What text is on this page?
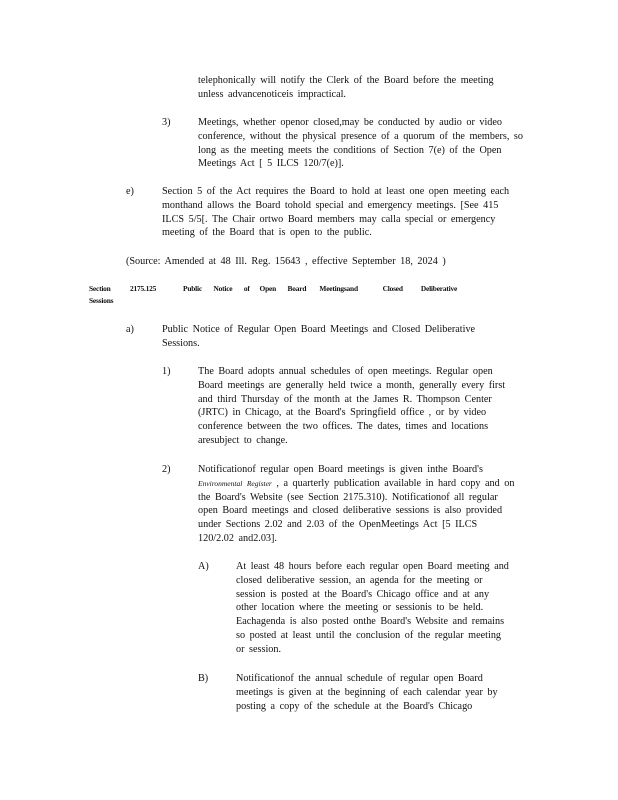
telephonically will notify the Clerk of the Board before the meeting unless advancenoticeis impractical.
3)	Meetings, whether openor closed,may be conducted by audio or video conference, without the physical presence of a quorum of the members, so long as the meeting meets the conditions of Section 7(e) of the Open Meetings Act [ 5 ILCS 120/7(e)].
e)	Section 5 of the Act requires the Board to hold at least one open meeting each monthand allows the Board tohold special and emergency meetings. [See 415 ILCS 5/5[. The Chair ortwo Board members may calla special or emergency meeting of the Board that is open to the public.
(Source: Amended at 48 Ill. Reg. 15643 , effective September 18, 2024 )
Section	2175.125	Public       Notice       of      Open       Board        Meetingsand               Closed           Deliberative
Sessions
a)	Public Notice of Regular Open Board Meetings and Closed Deliberative Sessions.
1)	The Board adopts annual schedules of open meetings. Regular open Board meetings are generally held twice a month, generally every first and third Thursday of the month at the James R. Thompson Center (JRTC) in Chicago, at the Board's Springfield office , or by video conference between the two offices. The dates, times and locations aresubject to change.
2)	Notificationof regular open Board meetings is given inthe Board's Environmental Register , a quarterly publication available in hard copy and on the Board's Website (see Section 2175.310). Notificationof all regular open Board meetings and closed deliberative sessions is also provided under Sections 2.02 and 2.03 of the OpenMeetings Act [5 ILCS 120/2.02 and2.03].
A)	At least 48 hours before each regular open Board meeting and closed deliberative session, an agenda for the meeting or session is posted at the Board's Chicago office and at any other location where the meeting or sessionis to be held. Eachagenda is also posted onthe Board's Website and remains so posted at least until the conclusion of the regular meeting or session.
B)	Notificationof the annual schedule of regular open Board meetings is given at the beginning of each calendar year by posting a copy of the schedule at the Board's Chicago
